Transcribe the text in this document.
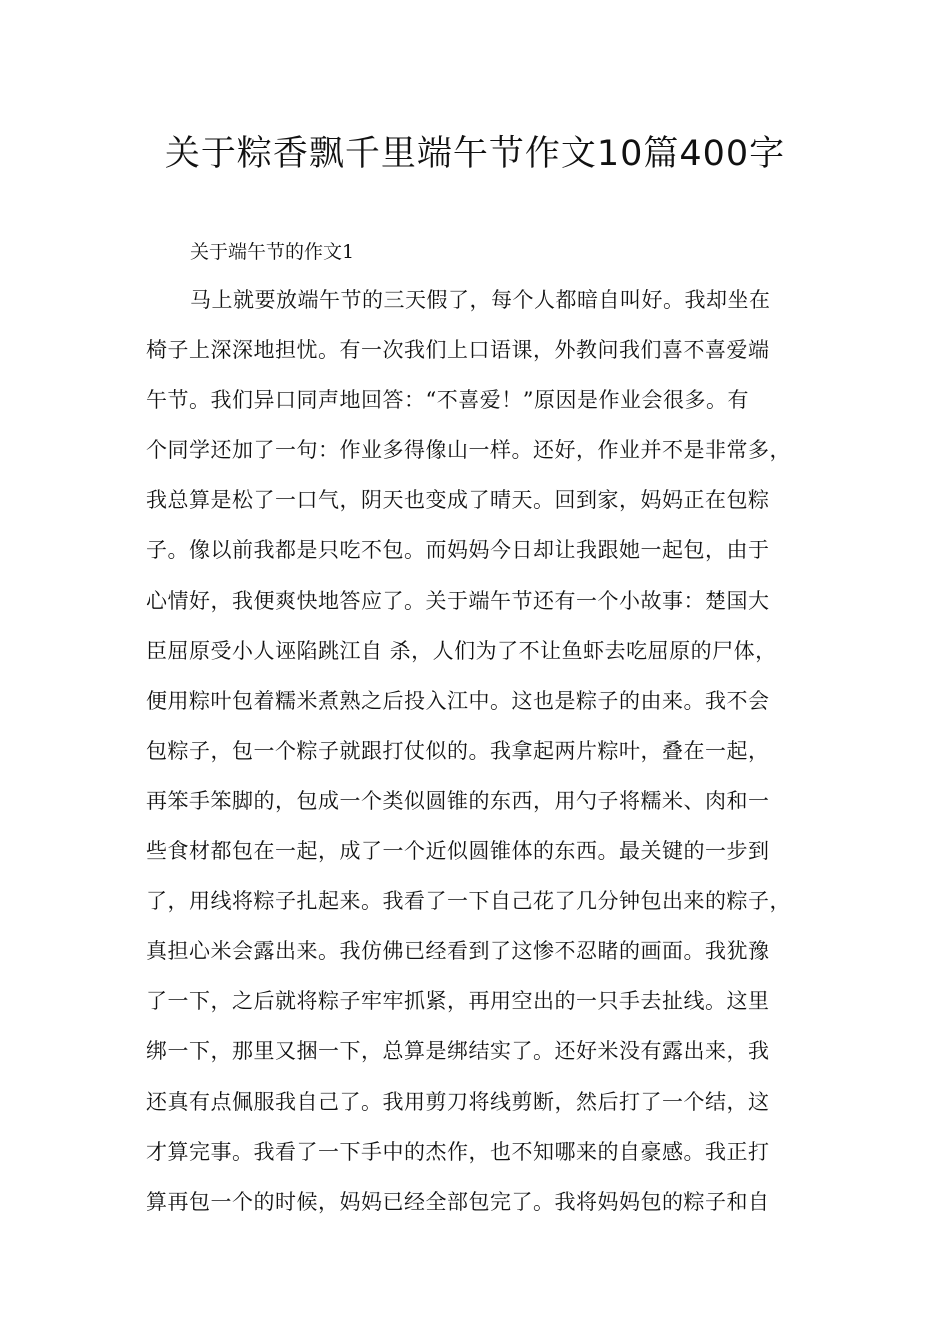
关于粽香飘千里端午节作文10篇400字

关于端午节的作文1

马上就要放端午节的三天假了，每个人都暗自叫好。我却坐在
椅子上深深地担忧。有一次我们上口语课，外教问我们喜不喜爱端
午节。我们异口同声地回答：“不喜爱！”原因是作业会很多。有
个同学还加了一句：作业多得像山一样。还好，作业并不是非常多，
我总算是松了一口气，阴天也变成了晴天。回到家，妈妈正在包粽
子。像以前我都是只吃不包。而妈妈今日却让我跟她一起包，由于
心情好，我便爽快地答应了。关于端午节还有一个小故事：楚国大
臣屈原受小人诬陷跳江自 杀，人们为了不让鱼虾去吃屈原的尸体，
便用粽叶包着糯米煮熟之后投入江中。这也是粽子的由来。我不会
包粽子，包一个粽子就跟打仗似的。我拿起两片粽叶，叠在一起，
再笨手笨脚的，包成一个类似圆锥的东西，用勺子将糯米、肉和一
些食材都包在一起，成了一个近似圆锥体的东西。最关键的一步到
了，用线将粽子扎起来。我看了一下自己花了几分钟包出来的粽子，
真担心米会露出来。我仿佛已经看到了这惨不忍睹的画面。我犹豫
了一下，之后就将粽子牢牢抓紧，再用空出的一只手去扯线。这里
绑一下，那里又捆一下，总算是绑结实了。还好米没有露出来，我
还真有点佩服我自己了。我用剪刀将线剪断，然后打了一个结，这
才算完事。我看了一下手中的杰作，也不知哪来的自豪感。我正打
算再包一个的时候，妈妈已经全部包完了。我将妈妈包的粽子和自
